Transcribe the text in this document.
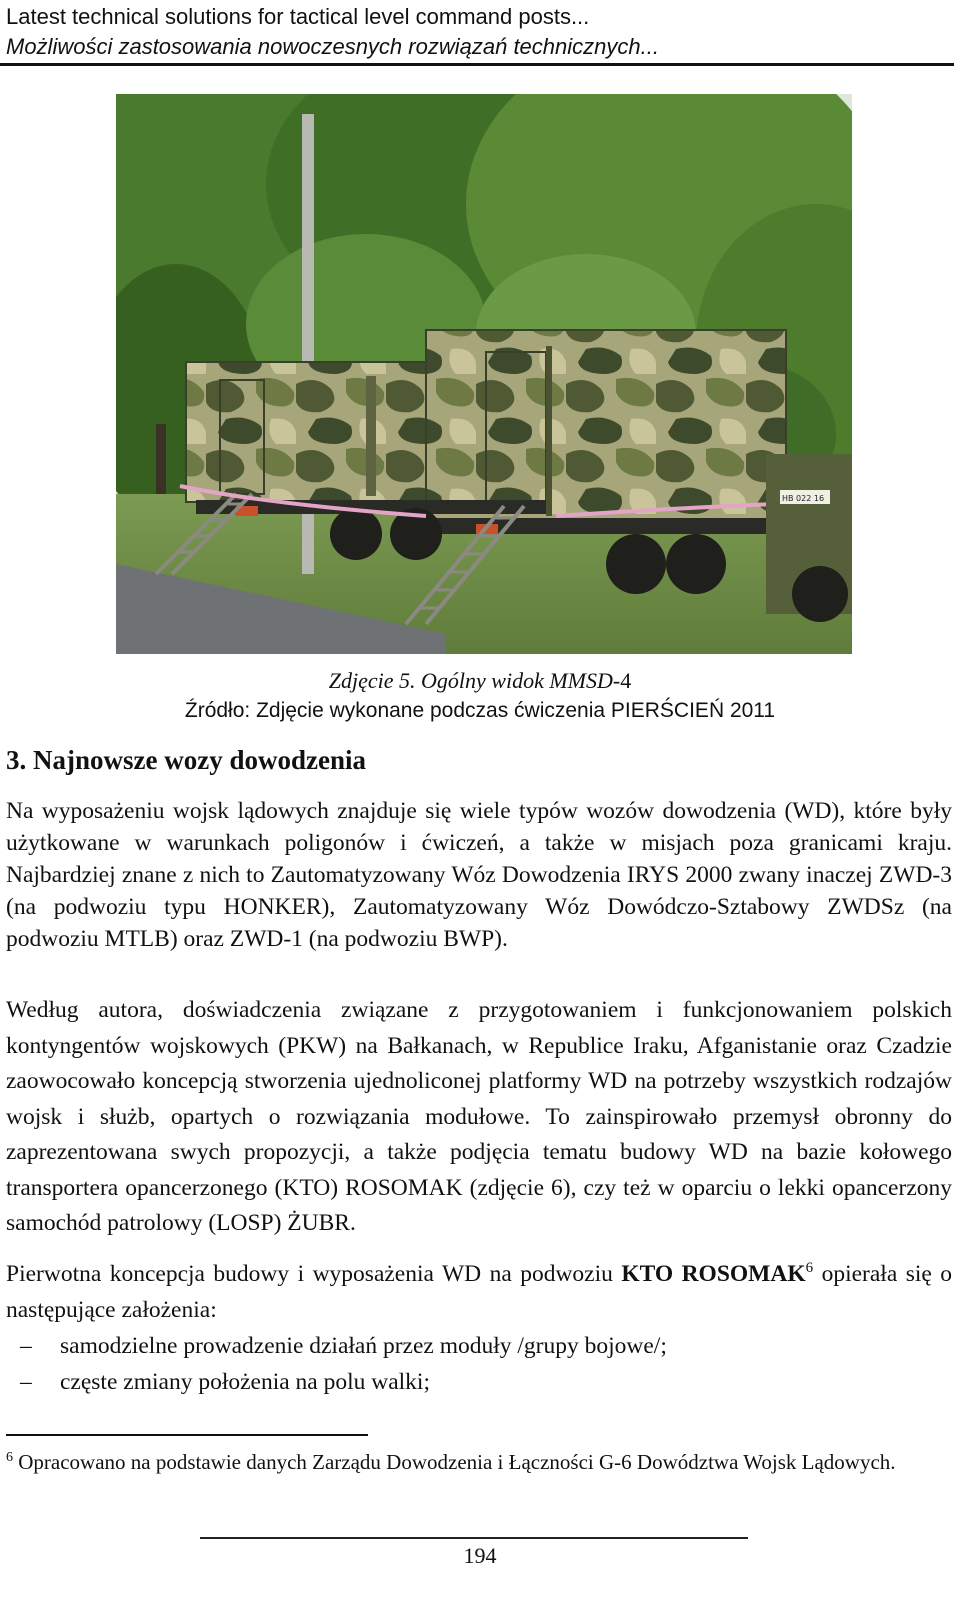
Latest technical solutions for tactical level command posts...
Możliwości zastosowania nowoczesnych rozwiązań technicznych...
HB 022 16
Zdjęcie 5. Ogólny widok MMSD-4
Źródło: Zdjęcie wykonane podczas ćwiczenia PIERŚCIEŃ 2011
3. Najnowsze wozy dowodzenia
Na wyposażeniu wojsk lądowych znajduje się wiele typów wozów dowodzenia (WD), które były użytkowane w warunkach poligonów i ćwiczeń, a także w misjach poza granicami kraju. Najbardziej znane z nich to Zautomatyzowany Wóz Dowodzenia IRYS 2000 zwany inaczej ZWD-3 (na podwoziu typu HONKER), Zautomatyzowany Wóz Dowódczo-Sztabowy ZWDSz (na podwoziu MTLB) oraz ZWD-1 (na podwoziu BWP).
Według autora, doświadczenia związane z przygotowaniem i funkcjonowaniem polskich kontyngentów wojskowych (PKW) na Bałkanach, w Republice Iraku, Afganistanie oraz Czadzie zaowocowało koncepcją stworzenia ujednoliconej platformy WD na potrzeby wszystkich rodzajów wojsk i służb, opartych o rozwiązania modułowe. To zainspirowało przemysł obronny do zaprezentowana swych propozycji, a także podjęcia tematu budowy WD na bazie kołowego transportera opancerzonego (KTO) ROSOMAK (zdjęcie 6), czy też w oparciu o lekki opancerzony samochód patrolowy (LOSP) ŻUBR.
Pierwotna koncepcja budowy i wyposażenia WD na podwoziu KTO ROSOMAK$^6$ opierała się o następujące założenia:
– samodzielne prowadzenie działań przez moduły /grupy bojowe/;
– częste zmiany położenia na polu walki;
$^6$ Opracowano na podstawie danych Zarządu Dowodzenia i Łączności G-6 Dowództwa Wojsk Lądowych.
194
